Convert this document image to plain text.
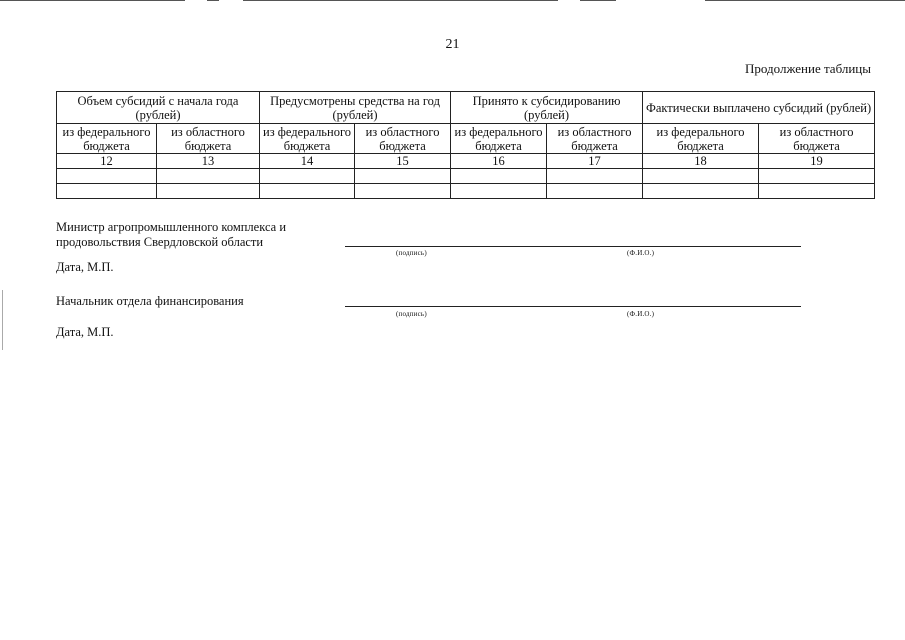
21
Продолжение таблицы
Объем субсидий с начала года (рублей)		Предусмотрены средства на год (рублей)		Принято к субсидированию (рублей)		Фактически выплачено субсидий (рублей)	
из федерального бюджета	из областного бюджета	из федерального бюджета	из областного бюджета	из федерального бюджета	из областного бюджета	из федерального бюджета	из областного бюджета
12	13	14	15	16	17	18	19

Министр агропромышленного комплекса и продовольствия Свердловской области
(подпись)	(Ф.И.О.)
Дата, М.П.
Начальник отдела финансирования
(подпись)	(Ф.И.О.)
Дата, М.П.
